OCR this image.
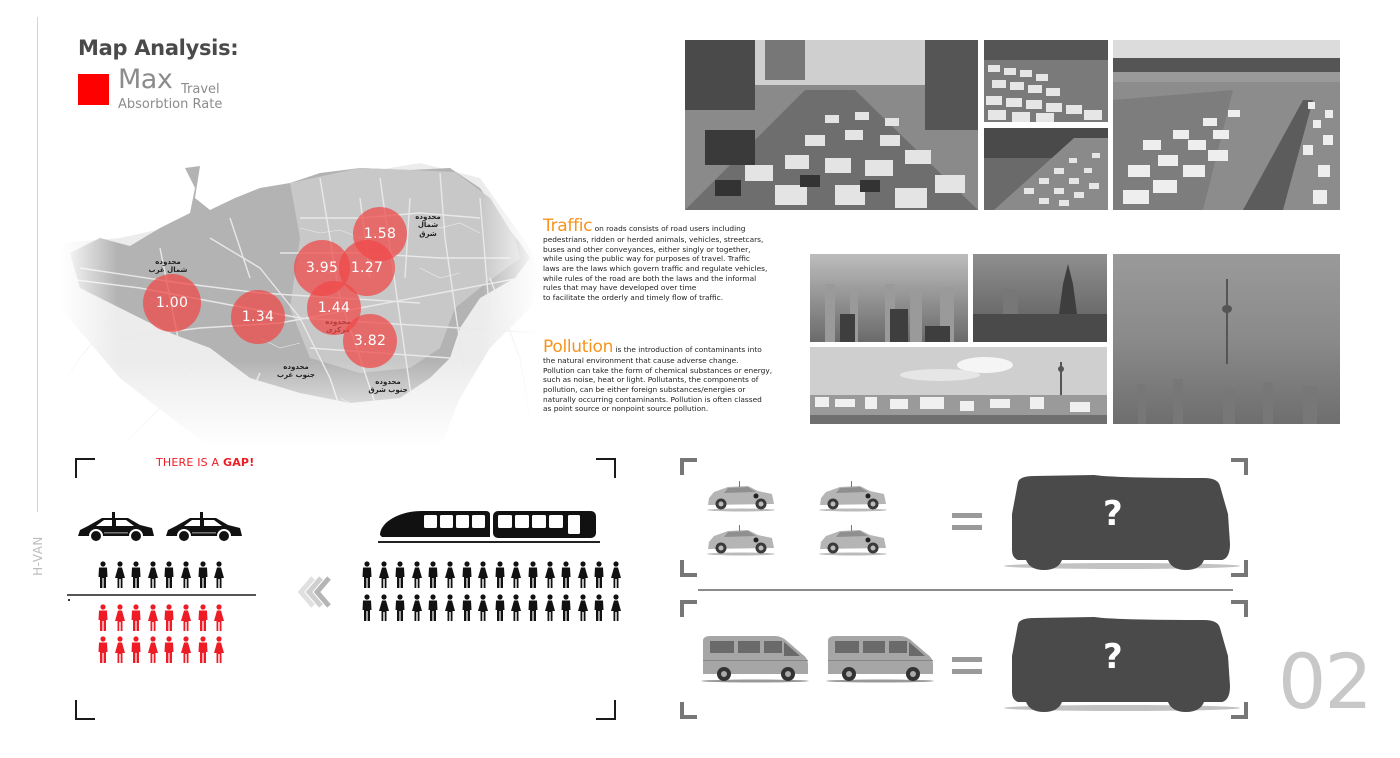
H-VAN
Map Analysis:
Max Travel
Absorbtion Rate
محدوده شمال غرب
محدوده شمال شرق
محدوده جنوب غرب
محدوده جنوب شرق
1.00
1.34
3.95 1.27
1.58
1.44
3.82
Traffic on roads consists of road users including
pedestrians, ridden or herded animals, vehicles, streetcars,
buses and other conveyances, either singly or together,
while using the public way for purposes of travel. Traffic
laws are the laws which govern traffic and regulate vehicles,
while rules of the road are both the laws and the informal
rules that may have developed over time
to facilitate the orderly and timely flow of traffic.
Pollution is the introduction of contaminants into
the natural environment that cause adverse change.
Pollution can take the form of chemical substances or energy,
such as noise, heat or light. Pollutants, the components of
pollution, can be either foreign substances/energies or
naturally occurring contaminants. Pollution is often classed
as point source or nonpoint source pollution.
THERE IS A GAP!
?
? 02
